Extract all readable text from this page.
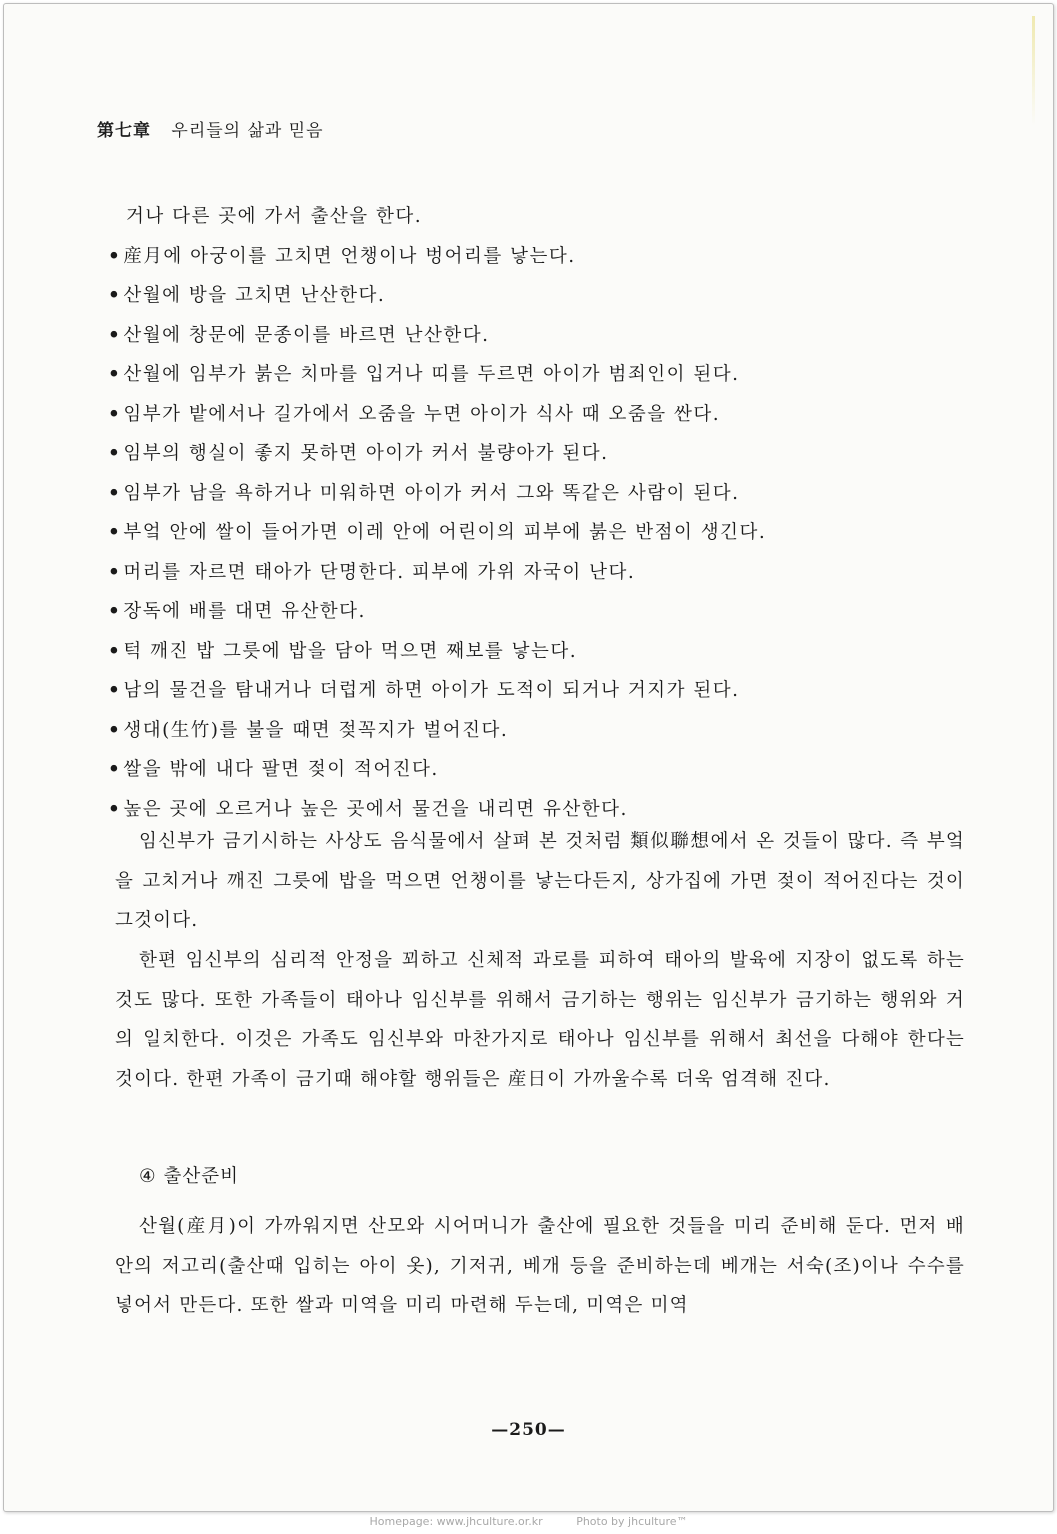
第七章 우리들의 삶과 믿음
거나 다른 곳에 가서 출산을 한다.
• 産月에 아궁이를 고치면 언챙이나 벙어리를 낳는다.
• 산월에 방을 고치면 난산한다.
• 산월에 창문에 문종이를 바르면 난산한다.
• 산월에 임부가 붉은 치마를 입거나 띠를 두르면 아이가 범죄인이 된다.
• 임부가 밭에서나 길가에서 오줌을 누면 아이가 식사 때 오줌을 싼다.
• 임부의 행실이 좋지 못하면 아이가 커서 불량아가 된다.
• 임부가 남을 욕하거나 미워하면 아이가 커서 그와 똑같은 사람이 된다.
• 부엌 안에 쌀이 들어가면 이레 안에 어린이의 피부에 붉은 반점이 생긴다.
• 머리를 자르면 태아가 단명한다. 피부에 가위 자국이 난다.
• 장독에 배를 대면 유산한다.
• 턱 깨진 밥 그릇에 밥을 담아 먹으면 째보를 낳는다.
• 남의 물건을 탐내거나 더럽게 하면 아이가 도적이 되거나 거지가 된다.
• 생대(生竹)를 불을 때면 젖꼭지가 벌어진다.
• 쌀을 밖에 내다 팔면 젖이 적어진다.
• 높은 곳에 오르거나 높은 곳에서 물건을 내리면 유산한다.

임신부가 금기시하는 사상도 음식물에서 살펴 본 것처럼 類似聯想에서 온 것들이 많다. 즉 부엌을 고치거나 깨진 그릇에 밥을 먹으면 언챙이를 낳는다든지, 상가집에 가면 젖이 적어진다는 것이 그것이다.

한편 임신부의 심리적 안정을 꾀하고 신체적 과로를 피하여 태아의 발육에 지장이 없도록 하는 것도 많다. 또한 가족들이 태아나 임신부를 위해서 금기하는 행위는 임신부가 금기하는 행위와 거의 일치한다. 이것은 가족도 임신부와 마찬가지로 태아나 임신부를 위해서 최선을 다해야 한다는 것이다. 한편 가족이 금기때 해야할 행위들은 産日이 가까울수록 더욱 엄격해 진다.

④ 출산준비

산월(産月)이 가까워지면 산모와 시어머니가 출산에 필요한 것들을 미리 준비해 둔다. 먼저 배안의 저고리(출산때 입히는 아이 옷), 기저귀, 베개 등을 준비하는데 베개는 서숙(조)이나 수수를 넣어서 만든다. 또한 쌀과 미역을 미리 마련해 두는데, 미역은 미역

—250—
Homepage: www.jhculture.or.kr	Photo by jhculture™
